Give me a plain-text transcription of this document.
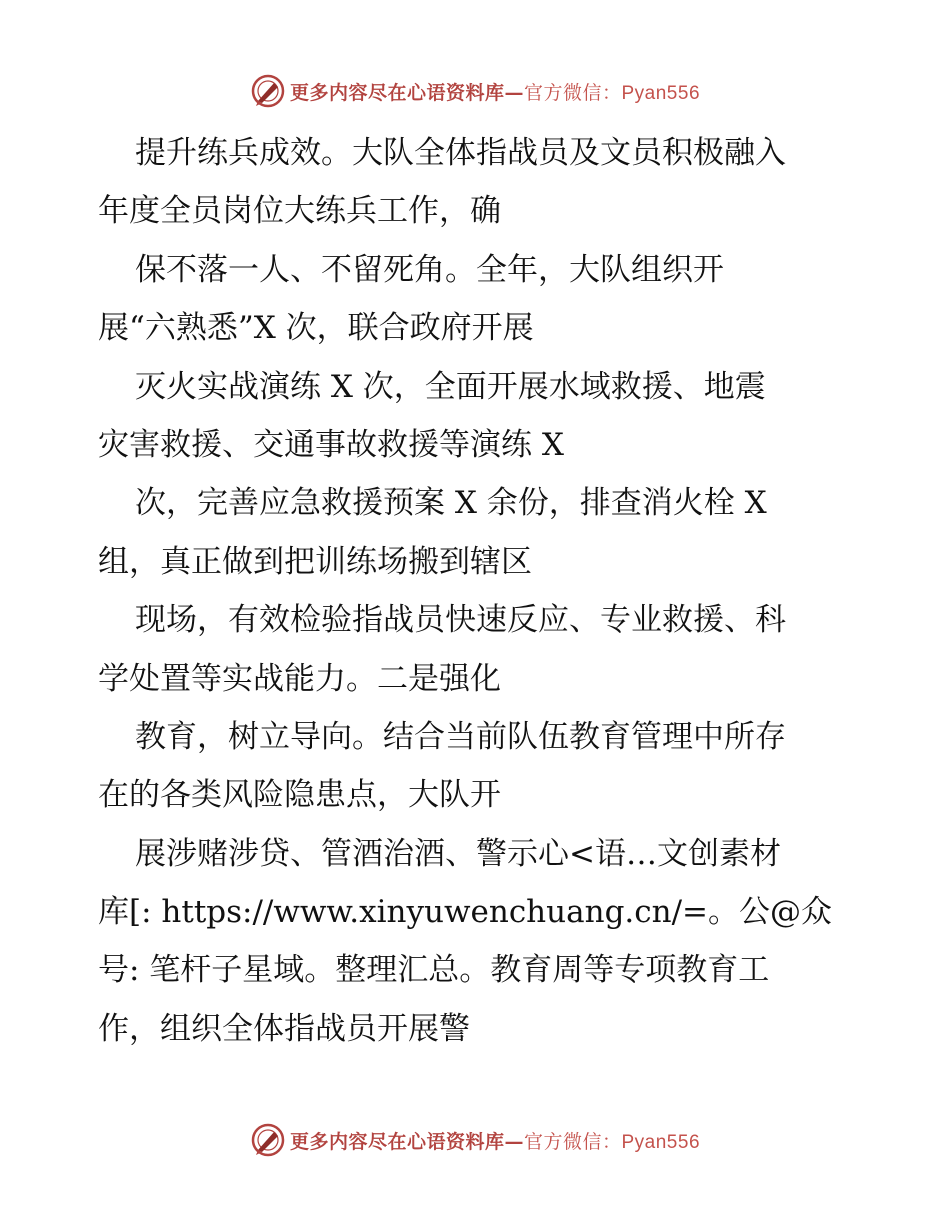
更多内容尽在心语资料库—官方微信：Pyan556
提升练兵成效。大队全体指战员及文员积极融入
年度全员岗位大练兵工作，确
保不落一人、不留死角。全年，大队组织开
展“六熟悉”X 次，联合政府开展
灭火实战演练 X 次，全面开展水域救援、地震
灾害救援、交通事故救援等演练 X
次，完善应急救援预案 X 余份，排查消火栓 X
组，真正做到把训练场搬到辖区
现场，有效检验指战员快速反应、专业救援、科
学处置等实战能力。二是强化
教育，树立导向。结合当前队伍教育管理中所存
在的各类风险隐患点，大队开
展涉赌涉贷、管酒治酒、警示心<语…文创素材
库[: https://www.xinyuwenchuang.cn/=。公@众
号: 笔杆子星域。整理汇总。教育周等专项教育工
作，组织全体指战员开展警
更多内容尽在心语资料库—官方微信：Pyan556
